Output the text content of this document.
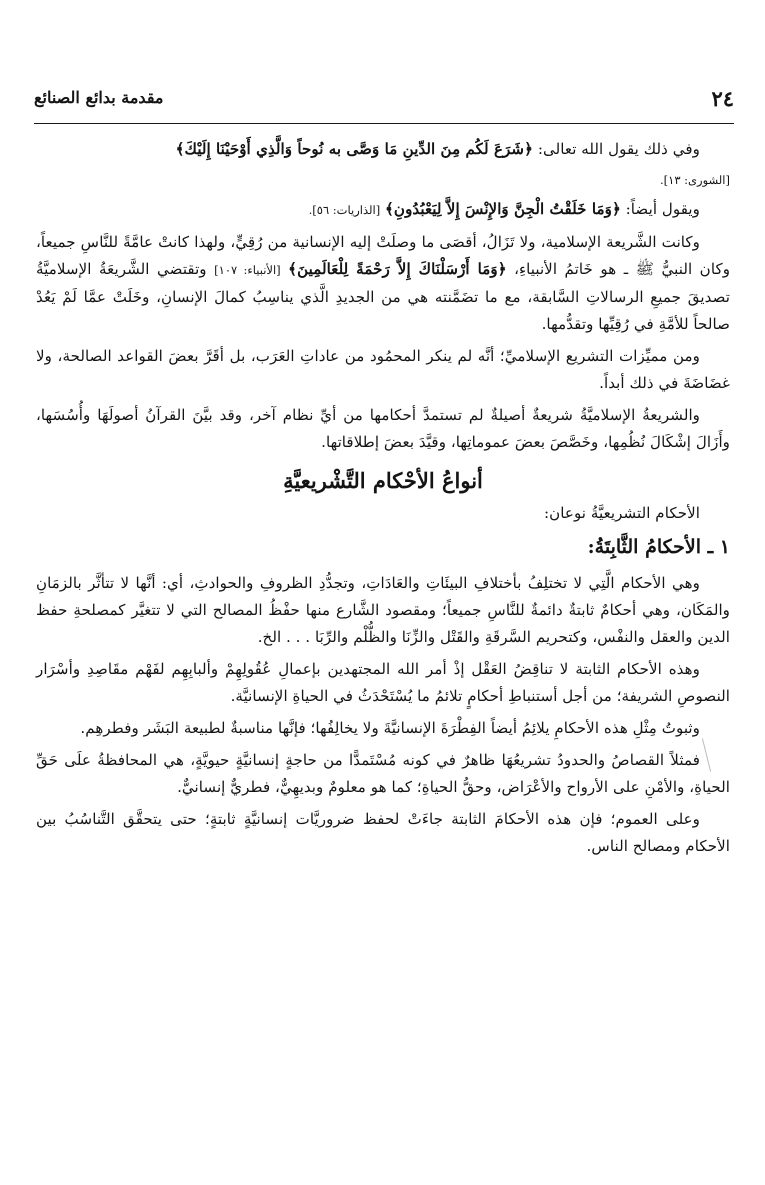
٢٤
مقدمة بدائع الصنائع

وفي ذلك يقول الله تعالى: ﴿شَرَعَ لَكُم مِنَ الدِّينِ مَا وَصَّى به نُوحاً وَالَّذِي أَوْحَيْنَا إِلَيْكَ﴾

[الشورى: ١٣].

ويقول أيضاً: ﴿وَمَا خَلَقْتُ الْجِنَّ وَالإِنْسَ إِلاَّ لِيَعْبُدُونِ﴾ [الذاريات: ٥٦].

وكانت الشَّريعة الإسلامية، ولا تَزَالُ، أقصَى ما وصلَتْ إليه الإنسانية من رُقِيٍّ، ولهذا كانتْ عامَّةً للنَّاسِ جميعاً، وكان النبيُّ ﷺ ـ هو خَاتمُ الأنبياءِ، ﴿وَمَا أَرْسَلْنَاكَ إِلاَّ رَحْمَةً لِلْعَالَمِينَ﴾ [الأنبياء: ١٠٧] وتقتضي الشَّريعَةُ الإسلاميَّةُ تصديقَ جميعِ الرسالاتِ السَّابقة، مع ما تضَمَّنته هي من الجديدِ الَّذي يناسِبُ كمالَ الإنسانِ، وخَلَتْ عمَّا لَمْ يَعُدْ صالحاً للأمَّةِ في رُقِيِّها وتقدُّمها.

ومن مميِّزات التشريع الإسلاميِّ؛ أنَّه لم ينكر المحمُود من عاداتِ العَرَب، بل أقَرَّ بعضَ القواعد الصالحة، ولا غضَاضَةَ في ذلك أبداً.

والشريعةُ الإسلاميَّةُ شريعةٌ أصيلةٌ لم تستمدَّ أحكامها من أيِّ نظام آخر، وقد بيَّنَ القرآنُ أصولَهَا وأُسُسَها، وأَزَالَ إشْكَالَ نُظُمِها، وخَصَّصَ بعضَ عموماتِها، وقيَّدَ بعضَ إطلاقاتها.

أنواعُ الأحْكام التَّشْريعيَّةِ

الأحكام التشريعيَّةُ نوعان:

١ ـ الأحكامُ الثَّابِتَةُ:

وهي الأحكام الَّتِي لا تختلِفُ بأختلافِ البيئَاتِ والعَادَاتِ، وتجدُّدِ الظروفِ والحوادثِ، أي: أنَّها لا تتأثَّر بالزمَانِ والمَكَان، وهي أحكامٌ ثابتةٌ دائمةٌ للنَّاسِ جميعاً؛ ومقصود الشَّارع منها حفْظُ المصالح التي لا تتغيَّر كمصلحةِ حفظ الدين والعقل والنفْس، وكتحريم السَّرقَةِ والقَتْل والزِّنَا والظُّلْم والرِّبَا . . . الخ.

وهذه الأحكام الثابتة لا تناقِضُ العَقْل إذْ أمر الله المجتهدين بإعمالِ عُقُولِهِمْ وألبابِهِم لفَهْم مقَاصِدِ وأسْرَار النصوصِ الشريفة؛ من أجل أستنباطِ أحكامٍ تلائمُ ما يُسْتَحْدَثُ في الحياةِ الإنسانيَّة.

وثبوتُ مِثْلِ هذه الأحكامِ يلائِمُ أيضاً الفِطْرَةَ الإنسانيَّةَ ولا يخالِفُها؛ فإنَّها مناسبةٌ لطبيعة البَشَر وفطرهِم.

فمثلاً القصاصُ والحدودُ تشريعُهَا ظاهرٌ في كونه مُسْتَمدًّا من حاجةٍ إنسانيَّةٍ حيويَّةٍ، هي المحافظةُ علَى حَقِّ الحياةِ، والأمْنِ على الأرواح والأعْرَاض، وحقُّ الحياةِ؛ كما هو معلومٌ وبديهِيٌّ، فطريٌّ إنسانيٌّ.

وعلى العموم؛ فإن هذه الأحكامَ الثابتة جاءَتْ لحفظ ضروريَّات إنسانيَّةٍ ثابتةٍ؛ حتى يتحقَّق التَّناسُبُ بين الأحكام ومصالح الناس.
